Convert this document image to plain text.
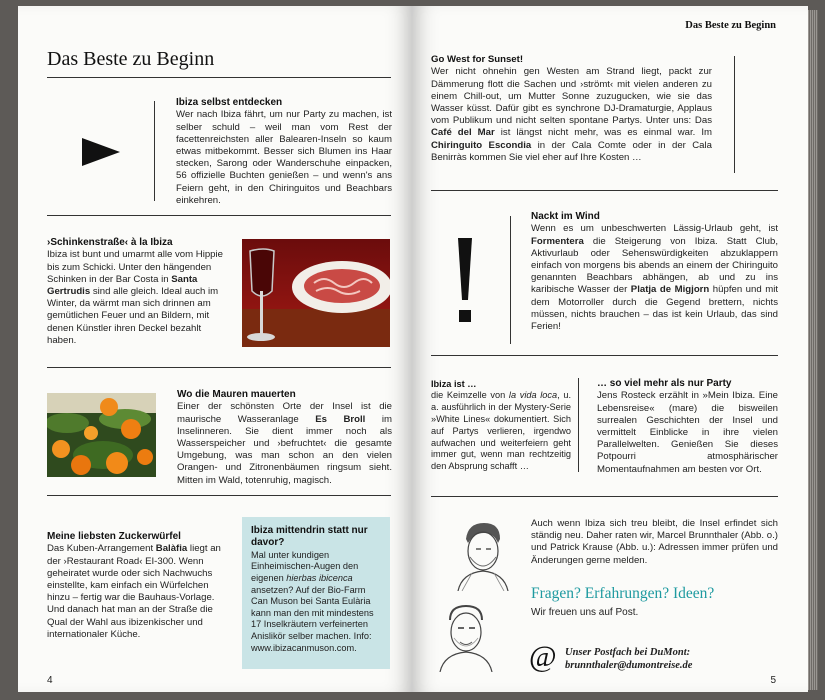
Das Beste zu Beginn

Ibiza selbst entdecken

Wer nach Ibiza fährt, um nur Party zu machen, ist selber schuld – weil man vom Rest der facettenreichsten aller Balearen-Inseln so kaum etwas mitbekommt. Besser sich Blumen ins Haar stecken, Sarong oder Wanderschuhe einpacken, 56 offizielle Buchten genießen – und wenn's ans Feiern geht, in den Chiringuitos und Beachbars einkehren.

›Schinkenstraße‹ à la Ibiza

Ibiza ist bunt und umarmt alle vom Hippie bis zum Schicki. Unter den hängenden Schinken in der Bar Costa in Santa Gertrudis sind alle gleich. Ideal auch im Winter, da wärmt man sich drinnen am gemütlichen Feuer und an Bildern, mit denen Künstler ihren Deckel bezahlt haben.

Wo die Mauren mauerten

Einer der schönsten Orte der Insel ist die maurische Wasseranlage Es Broll im Inselinneren. Sie dient immer noch als Wasserspeicher und ›befruchtet‹ die gesamte Umgebung, was man schon an den vielen Orangen- und Zitronenbäumen ringsum sieht. Mitten im Wald, totenruhig, magisch.

Meine liebsten Zuckerwürfel

Das Kuben-Arrangement Balàfia liegt an der ›Restaurant Road‹ EI-300. Wenn geheiratet wurde oder sich Nachwuchs einstellte, kam einfach ein Würfelchen hinzu – fertig war die Bauhaus-Vorlage. Und danach hat man an der Straße die Qual der Wahl aus ibizenkischer und internationaler Küche.

Ibiza mittendrin statt nur davor?

Mal unter kundigen Einheimischen-Augen den eigenen hierbas ibicenca ansetzen? Auf der Bio-Farm Can Muson bei Santa Eulària kann man den mit mindestens 17 Inselkräutern verfeinerten Anislikör selber machen. Info: www.ibizacanmuson.com.

4
Das Beste zu Beginn

Go West for Sunset!

Wer nicht ohnehin gen Westen am Strand liegt, packt zur Dämmerung flott die Sachen und ›strömt‹ mit vielen anderen zu einem Chill-out, um Mutter Sonne zuzugucken, wie sie das Wasser küsst. Dafür gibt es synchrone DJ-Dramaturgie, Applaus vom Publikum und nicht selten spontane Partys. Unter uns: Das Café del Mar ist längst nicht mehr, was es einmal war. Im Chiringuito Escondia in der Cala Comte oder in der Cala Benirràs kommen Sie viel eher auf Ihre Kosten …

Nackt im Wind

Wenn es um unbeschwerten Lässig-Urlaub geht, ist Formentera die Steigerung von Ibiza. Statt Club, Aktivurlaub oder Sehenswürdigkeiten abzuklappern einfach von morgens bis abends an einem der Chiringuito genannten Beachbars abhängen, ab und zu ins karibische Wasser der Platja de Migjorn hüpfen und mit dem Motorroller durch die Gegend brettern, nichts müssen, nichts brauchen – das ist kein Urlaub, das sind Ferien!

Ibiza ist …

die Keimzelle von la vida loca, u. a. ausführlich in der Mystery-Serie »White Lines« dokumentiert. Sich auf Partys verlieren, irgendwo aufwachen und weiterfeiern geht immer gut, wenn man rechtzeitig den Absprung schafft …

… so viel mehr als nur Party

Jens Rosteck erzählt in »Mein Ibiza. Eine Lebensreise« (mare) die bisweilen surrealen Geschichten der Insel und vermittelt Einblicke in ihre vielen Parallelwelten. Genießen Sie dieses Potpourri atmosphärischer Momentaufnahmen am besten vor Ort.

Auch wenn Ibiza sich treu bleibt, die Insel erfindet sich ständig neu. Daher raten wir, Marcel Brunnthaler (Abb. o.) und Patrick Krause (Abb. u.): Adressen immer prüfen und Änderungen gerne melden.

Fragen? Erfahrungen? Ideen?
Wir freuen uns auf Post.
@ Unser Postfach bei DuMont:
brunnthaler@dumontreise.de
5
